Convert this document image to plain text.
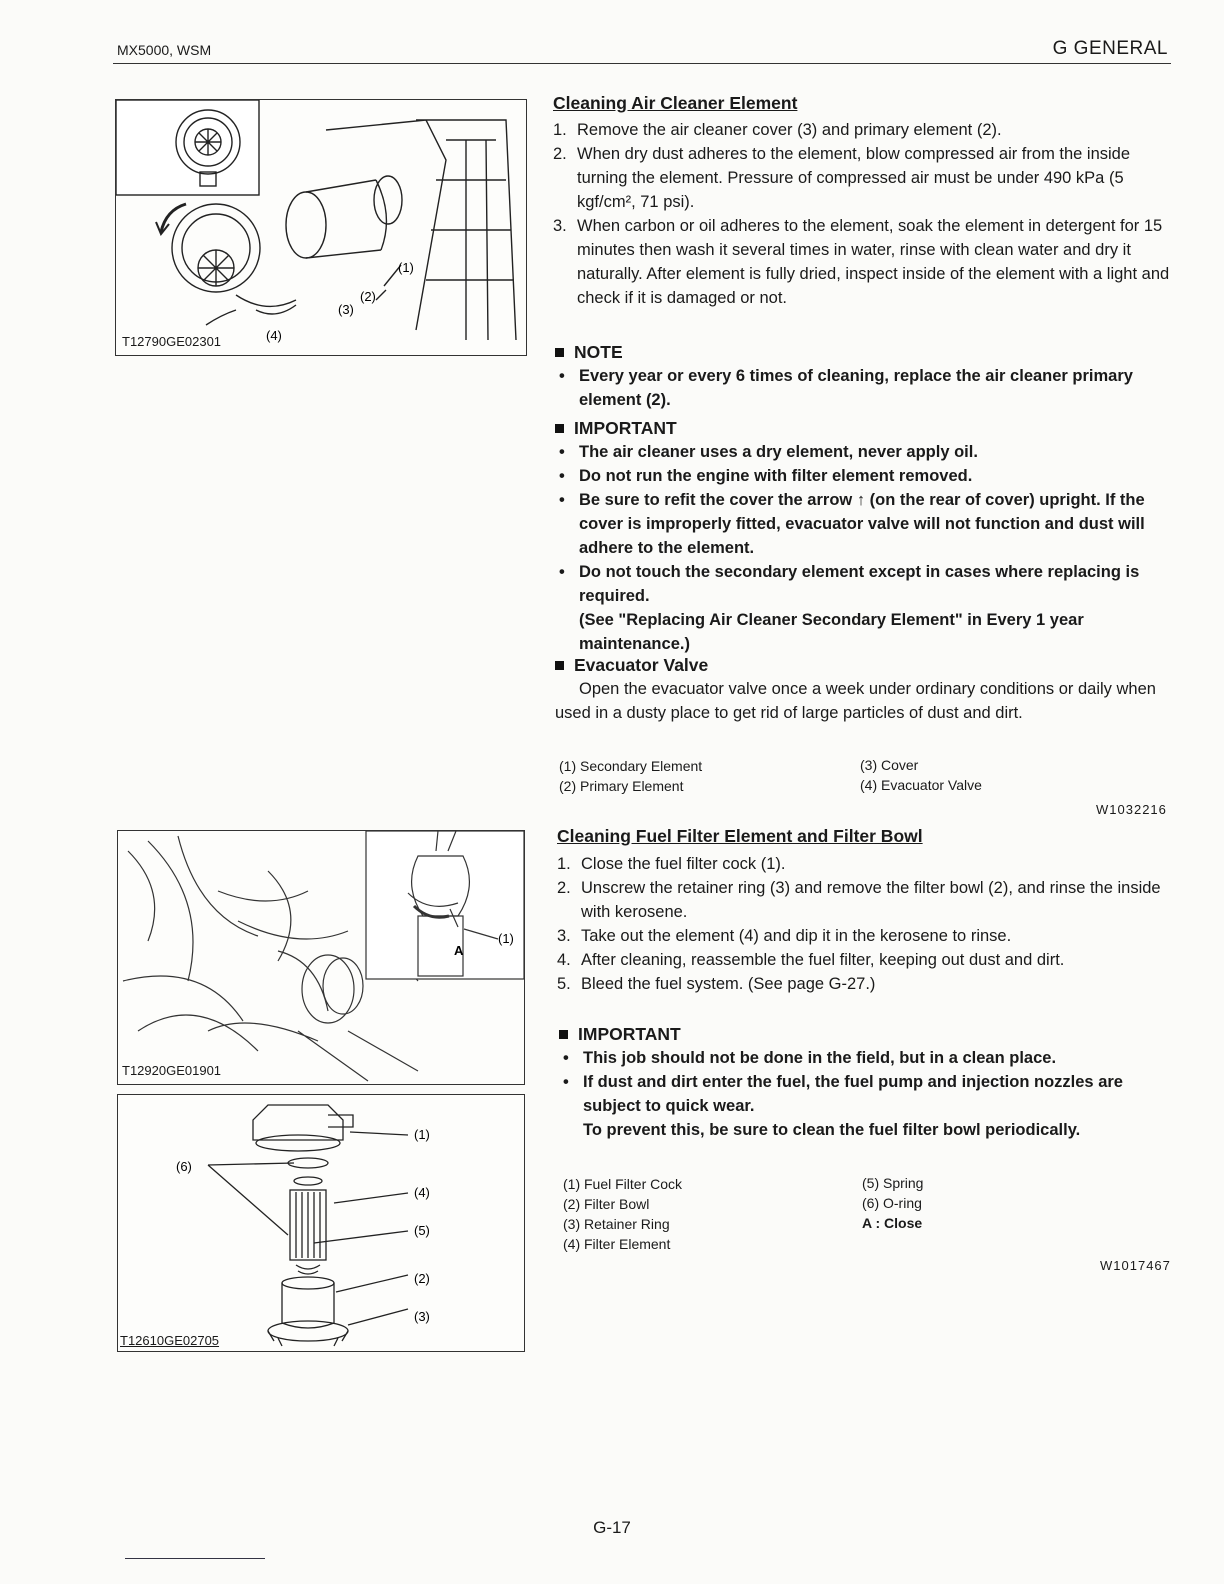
MX5000, WSM	G GENERAL
(1)
(2)
(3)
(4)
T12790GE02301
Cleaning Air Cleaner Element
1. Remove the air cleaner cover (3) and primary element (2).
2. When dry dust adheres to the element, blow compressed air from the inside turning the element. Pressure of compressed air must be under 490 kPa (5 kgf/cm², 71 psi).
3. When carbon or oil adheres to the element, soak the element in detergent for 15 minutes then wash it several times in water, rinse with clean water and dry it naturally. After element is fully dried, inspect inside of the element with a light and check if it is damaged or not.
NOTE
• Every year or every 6 times of cleaning, replace the air cleaner primary element (2).
IMPORTANT
• The air cleaner uses a dry element, never apply oil.
• Do not run the engine with filter element removed.
• Be sure to refit the cover the arrow ↑ (on the rear of cover) upright. If the cover is improperly fitted, evacuator valve will not function and dust will adhere to the element.
• Do not touch the secondary element except in cases where replacing is required.
(See "Replacing Air Cleaner Secondary Element" in Every 1 year maintenance.)
Evacuator Valve
Open the evacuator valve once a week under ordinary conditions or daily when used in a dusty place to get rid of large particles of dust and dirt.
(1) Secondary Element
(2) Primary Element
(3) Cover
(4) Evacuator Valve
W1032216
A
(1)
T12920GE01901
(1)
(6)
(4)
(5)
(2)
(3)
T12610GE02705
Cleaning Fuel Filter Element and Filter Bowl
1. Close the fuel filter cock (1).
2. Unscrew the retainer ring (3) and remove the filter bowl (2), and rinse the inside with kerosene.
3. Take out the element (4) and dip it in the kerosene to rinse.
4. After cleaning, reassemble the fuel filter, keeping out dust and dirt.
5. Bleed the fuel system. (See page G-27.)
IMPORTANT
• This job should not be done in the field, but in a clean place.
• If dust and dirt enter the fuel, the fuel pump and injection nozzles are subject to quick wear.
To prevent this, be sure to clean the fuel filter bowl periodically.
(1) Fuel Filter Cock
(2) Filter Bowl
(3) Retainer Ring
(4) Filter Element
(5) Spring
(6) O-ring
A : Close
W1017467
G-17
